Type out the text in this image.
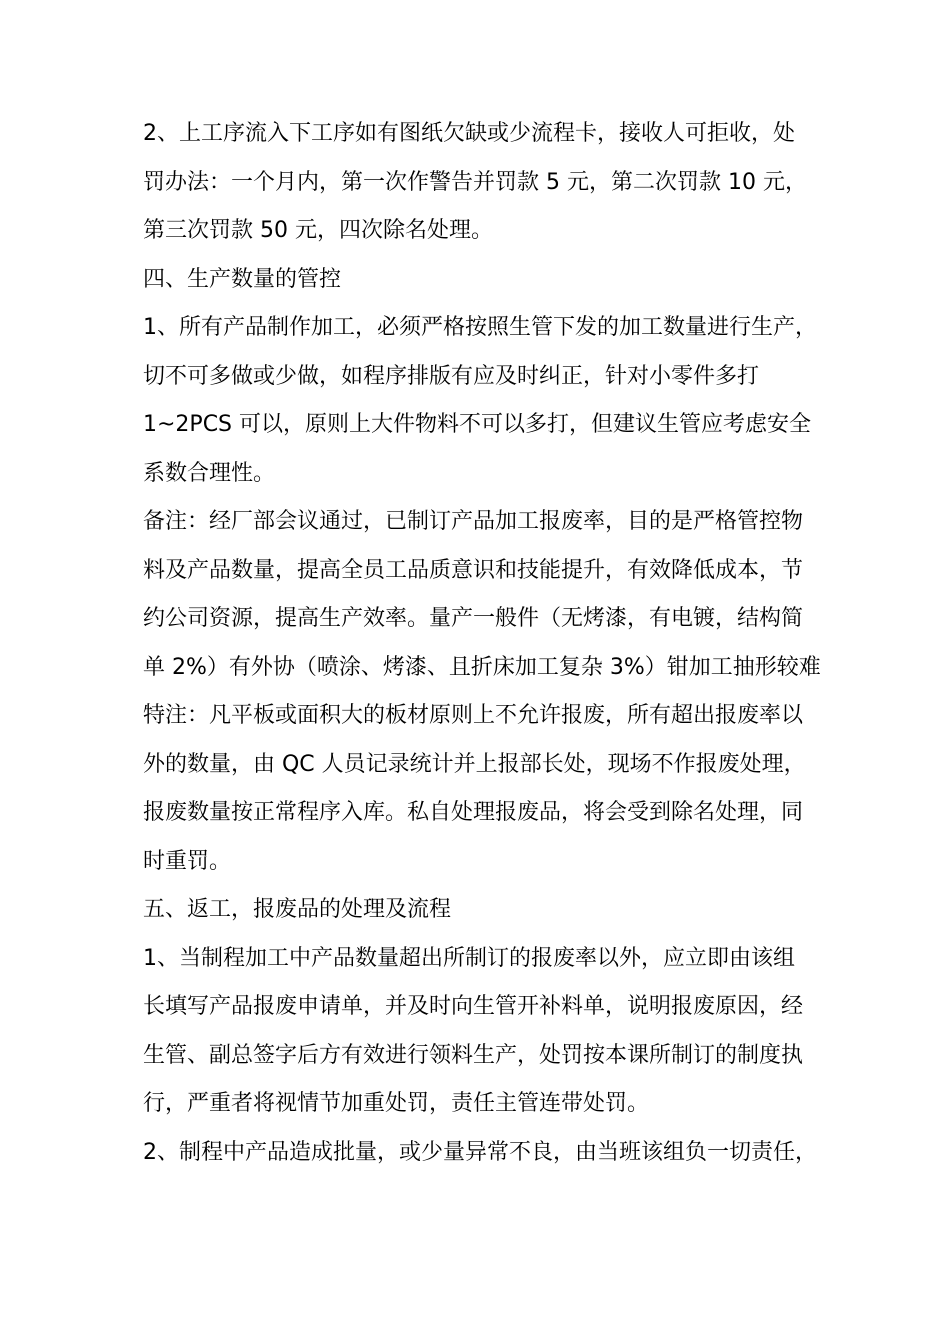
2、上工序流入下工序如有图纸欠缺或少流程卡，接收人可拒收，处
罚办法：一个月内，第一次作警告并罚款 5 元，第二次罚款 10 元，
第三次罚款 50 元，四次除名处理。
四、生产数量的管控
1、所有产品制作加工，必须严格按照生管下发的加工数量进行生产，
切不可多做或少做，如程序排版有应及时纠正，针对小零件多打
1~2PCS 可以，原则上大件物料不可以多打，但建议生管应考虑安全
系数合理性。
备注：经厂部会议通过，已制订产品加工报废率，目的是严格管控物
料及产品数量，提高全员工品质意识和技能提升，有效降低成本，节
约公司资源，提高生产效率。量产一般件（无烤漆，有电镀，结构简
单 2%）有外协（喷涂、烤漆、且折床加工复杂 3%）钳加工抽形较难
特注：凡平板或面积大的板材原则上不允许报废，所有超出报废率以
外的数量，由 QC 人员记录统计并上报部长处，现场不作报废处理，
报废数量按正常程序入库。私自处理报废品，将会受到除名处理，同
时重罚。
五、返工，报废品的处理及流程
1、当制程加工中产品数量超出所制订的报废率以外，应立即由该组
长填写产品报废申请单，并及时向生管开补料单，说明报废原因，经
生管、副总签字后方有效进行领料生产，处罚按本课所制订的制度执
行，严重者将视情节加重处罚，责任主管连带处罚。
2、制程中产品造成批量，或少量异常不良，由当班该组负一切责任，
